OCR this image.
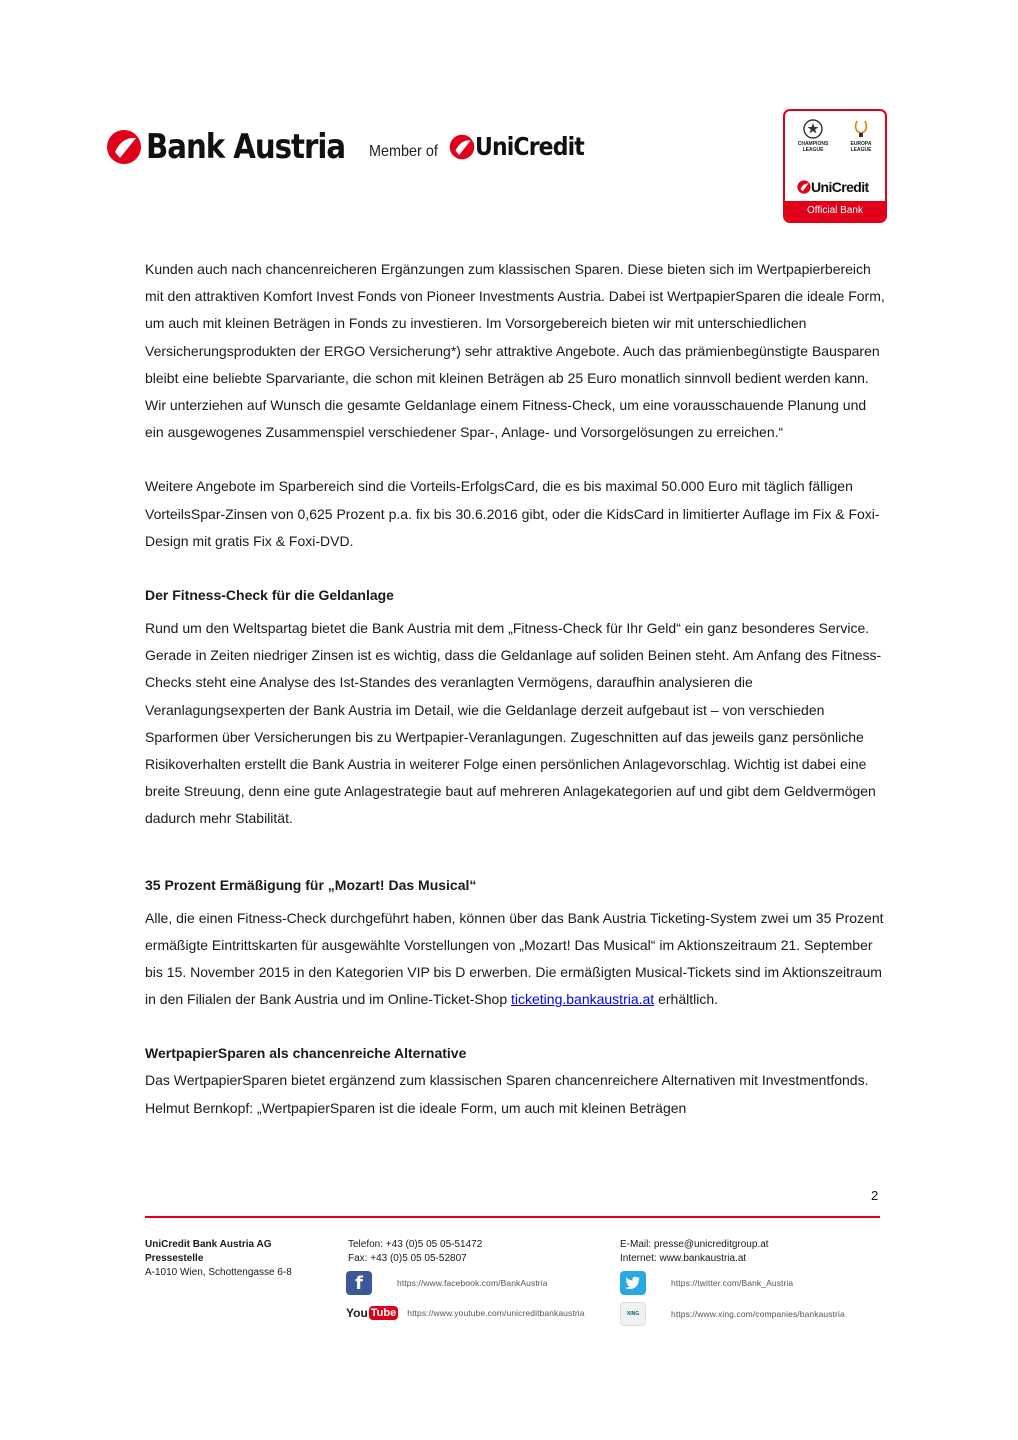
Bank Austria Member of UniCredit	CHAMPIONS LEAGUE
EUROPA LEAGUE
UniCredit
Official Bank

Kunden auch nach chancenreicheren Ergänzungen zum klassischen Sparen. Diese bieten sich im Wertpapierbereich mit den attraktiven Komfort Invest Fonds von Pioneer Investments Austria. Dabei ist WertpapierSparen die ideale Form, um auch mit kleinen Beträgen in Fonds zu investieren. Im Vorsorgebereich bieten wir mit unterschiedlichen Versicherungsprodukten der ERGO Versicherung*) sehr attraktive Angebote. Auch das prämienbegünstigte Bausparen bleibt eine beliebte Sparvariante, die schon mit kleinen Beträgen ab 25 Euro monatlich sinnvoll bedient werden kann. Wir unterziehen auf Wunsch die gesamte Geldanlage einem Fitness-Check, um eine vorausschauende Planung und ein ausgewogenes Zusammenspiel verschiedener Spar-, Anlage- und Vorsorgelösungen zu erreichen.“

Weitere Angebote im Sparbereich sind die Vorteils-ErfolgsCard, die es bis maximal 50.000 Euro mit täglich fälligen VorteilsSpar-Zinsen von 0,625 Prozent p.a. fix bis 30.6.2016 gibt, oder die KidsCard in limitierter Auflage im Fix & Foxi-Design mit gratis Fix & Foxi-DVD.

Der Fitness-Check für die Geldanlage

Rund um den Weltspartag bietet die Bank Austria mit dem „Fitness-Check für Ihr Geld“ ein ganz besonderes Service. Gerade in Zeiten niedriger Zinsen ist es wichtig, dass die Geldanlage auf soliden Beinen steht. Am Anfang des Fitness-Checks steht eine Analyse des Ist-Standes des veranlagten Vermögens, daraufhin analysieren die Veranlagungsexperten der Bank Austria im Detail, wie die Geldanlage derzeit aufgebaut ist – von verschieden Sparformen über Versicherungen bis zu Wertpapier-Veranlagungen. Zugeschnitten auf das jeweils ganz persönliche Risikoverhalten erstellt die Bank Austria in weiterer Folge einen persönlichen Anlagevorschlag. Wichtig ist dabei eine breite Streuung, denn eine gute Anlagestrategie baut auf mehreren Anlagekategorien auf und gibt dem Geldvermögen dadurch mehr Stabilität.

35 Prozent Ermäßigung für „Mozart! Das Musical“

Alle, die einen Fitness-Check durchgeführt haben, können über das Bank Austria Ticketing-System zwei um 35 Prozent ermäßigte Eintrittskarten für ausgewählte Vorstellungen von „Mozart! Das Musical“ im Aktionszeitraum 21. September bis 15. November 2015 in den Kategorien VIP bis D erwerben. Die ermäßigten Musical-Tickets sind im Aktionszeitraum in den Filialen der Bank Austria und im Online-Ticket-Shop ticketing.bankaustria.at erhältlich.

WertpapierSparen als chancenreiche Alternative

Das WertpapierSparen bietet ergänzend zum klassischen Sparen chancenreichere Alternativen mit Investmentfonds. Helmut Bernkopf: „WertpapierSparen ist die ideale Form, um auch mit kleinen Beträgen

2
UniCredit Bank Austria AG
Pressestelle
A-1010 Wien, Schottengasse 6-8
Telefon: +43 (0)5 05 05-51472
Fax: +43 (0)5 05 05-52807
E-Mail: presse@unicreditgroup.at
Internet: www.bankaustria.at
f	https://www.facebook.com/BankAustria	https://twitter.com/Bank_Austria
You Tube https://www.youtube.com/unicreditbankaustria	XING	https://www.xing.com/companies/bankaustria
